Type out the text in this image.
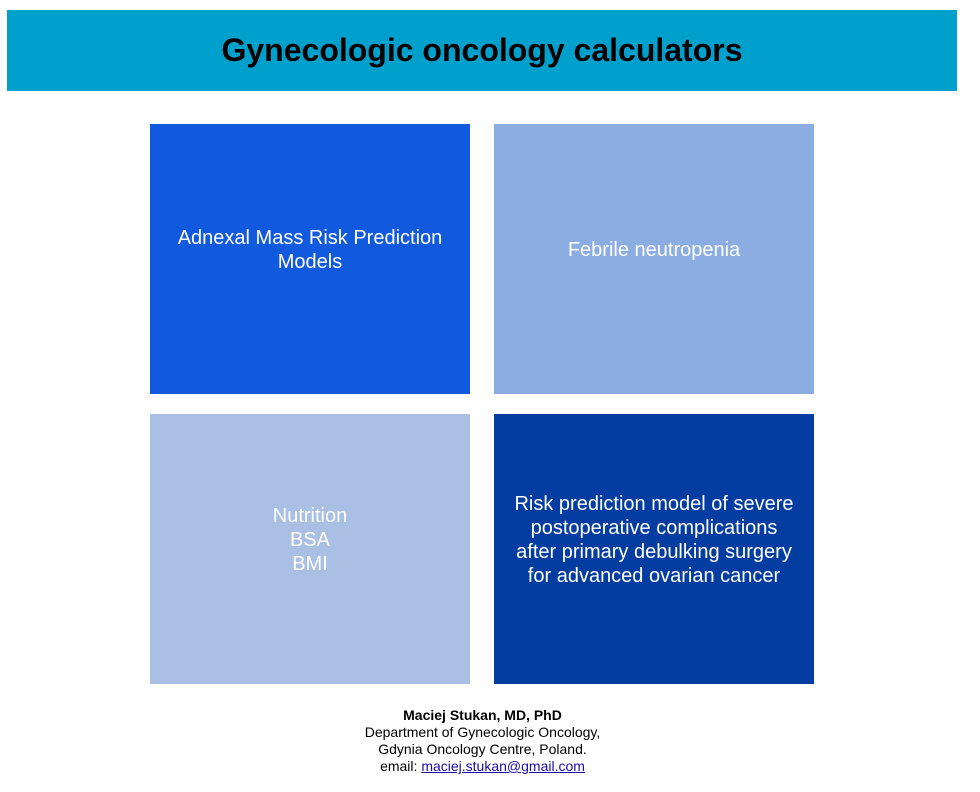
Gynecologic oncology calculators
Adnexal Mass Risk Prediction
Models
Febrile neutropenia
Nutrition
BSA
BMI
Risk prediction model of severe
postoperative complications
after primary debulking surgery
for advanced ovarian cancer
Maciej Stukan, MD, PhD
Department of Gynecologic Oncology,
Gdynia Oncology Centre, Poland.
email: maciej.stukan@gmail.com
